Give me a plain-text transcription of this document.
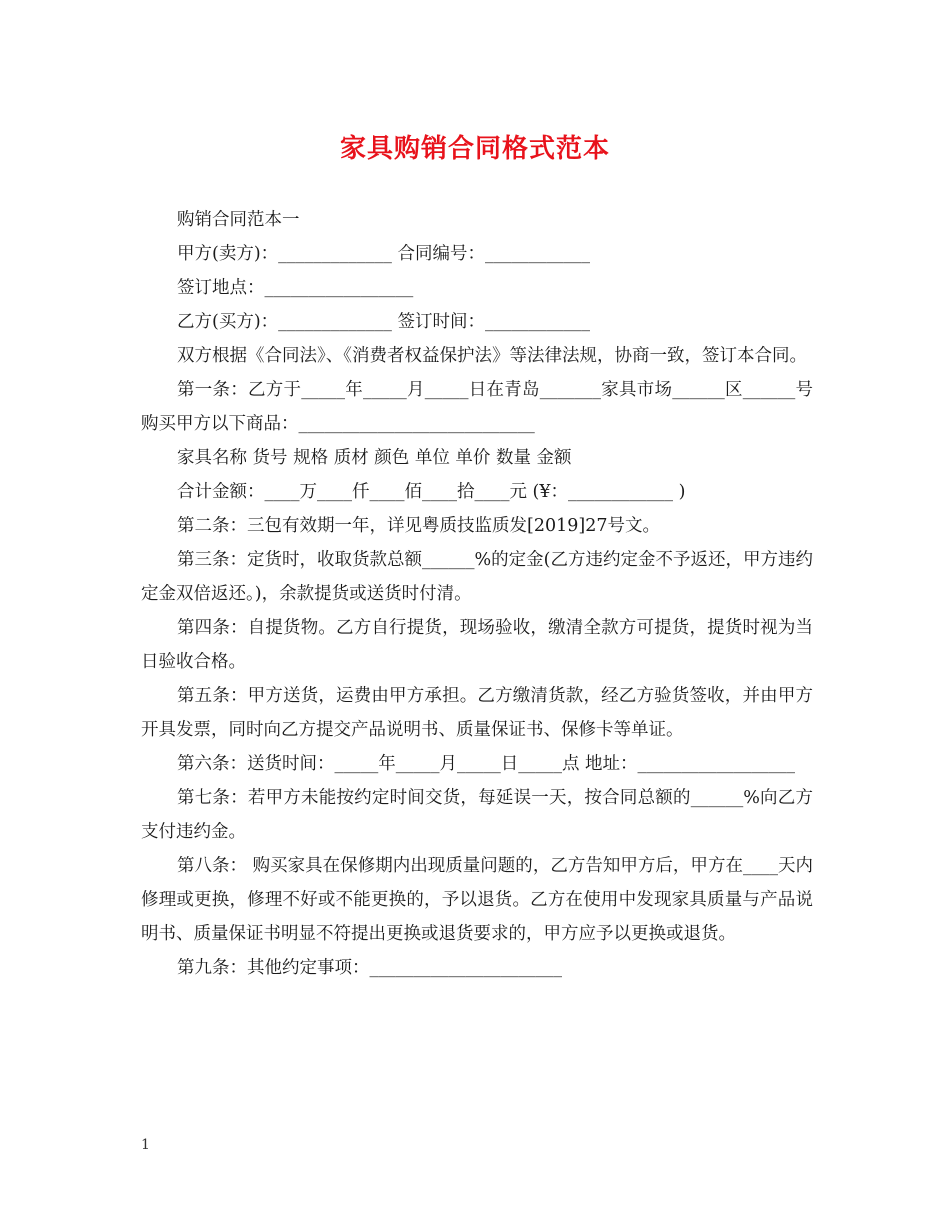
家具购销合同格式范本

购销合同范本一

甲方(卖方)：_____________ 合同编号：____________

签订地点：_________________

乙方(买方)：_____________ 签订时间：____________

双方根据《合同法》、《消费者权益保护法》等法律法规，协商一致，签订本合同。

第一条：乙方于_____年_____月_____日在青岛_______家具市场______区______号购买甲方以下商品：___________________________

家具名称 货号 规格 质材 颜色 单位 单价 数量 金额

合计金额：____万____仟____佰____拾____元 (¥：____________ )

第二条：三包有效期一年，详见粤质技监质发[2019]27号文。

第三条：定货时，收取货款总额______%的定金(乙方违约定金不予返还，甲方违约定金双倍返还。)，余款提货或送货时付清。

第四条：自提货物。乙方自行提货，现场验收，缴清全款方可提货，提货时视为当日验收合格。

第五条：甲方送货，运费由甲方承担。乙方缴清货款，经乙方验货签收，并由甲方开具发票，同时向乙方提交产品说明书、质量保证书、保修卡等单证。

第六条：送货时间：_____年_____月_____日_____点 地址：__________________

第七条：若甲方未能按约定时间交货，每延误一天，按合同总额的______%向乙方支付违约金。

第八条： 购买家具在保修期内出现质量问题的，乙方告知甲方后，甲方在____天内修理或更换，修理不好或不能更换的，予以退货。乙方在使用中发现家具质量与产品说明书、质量保证书明显不符提出更换或退货要求的，甲方应予以更换或退货。

第九条：其他约定事项：______________________

1
